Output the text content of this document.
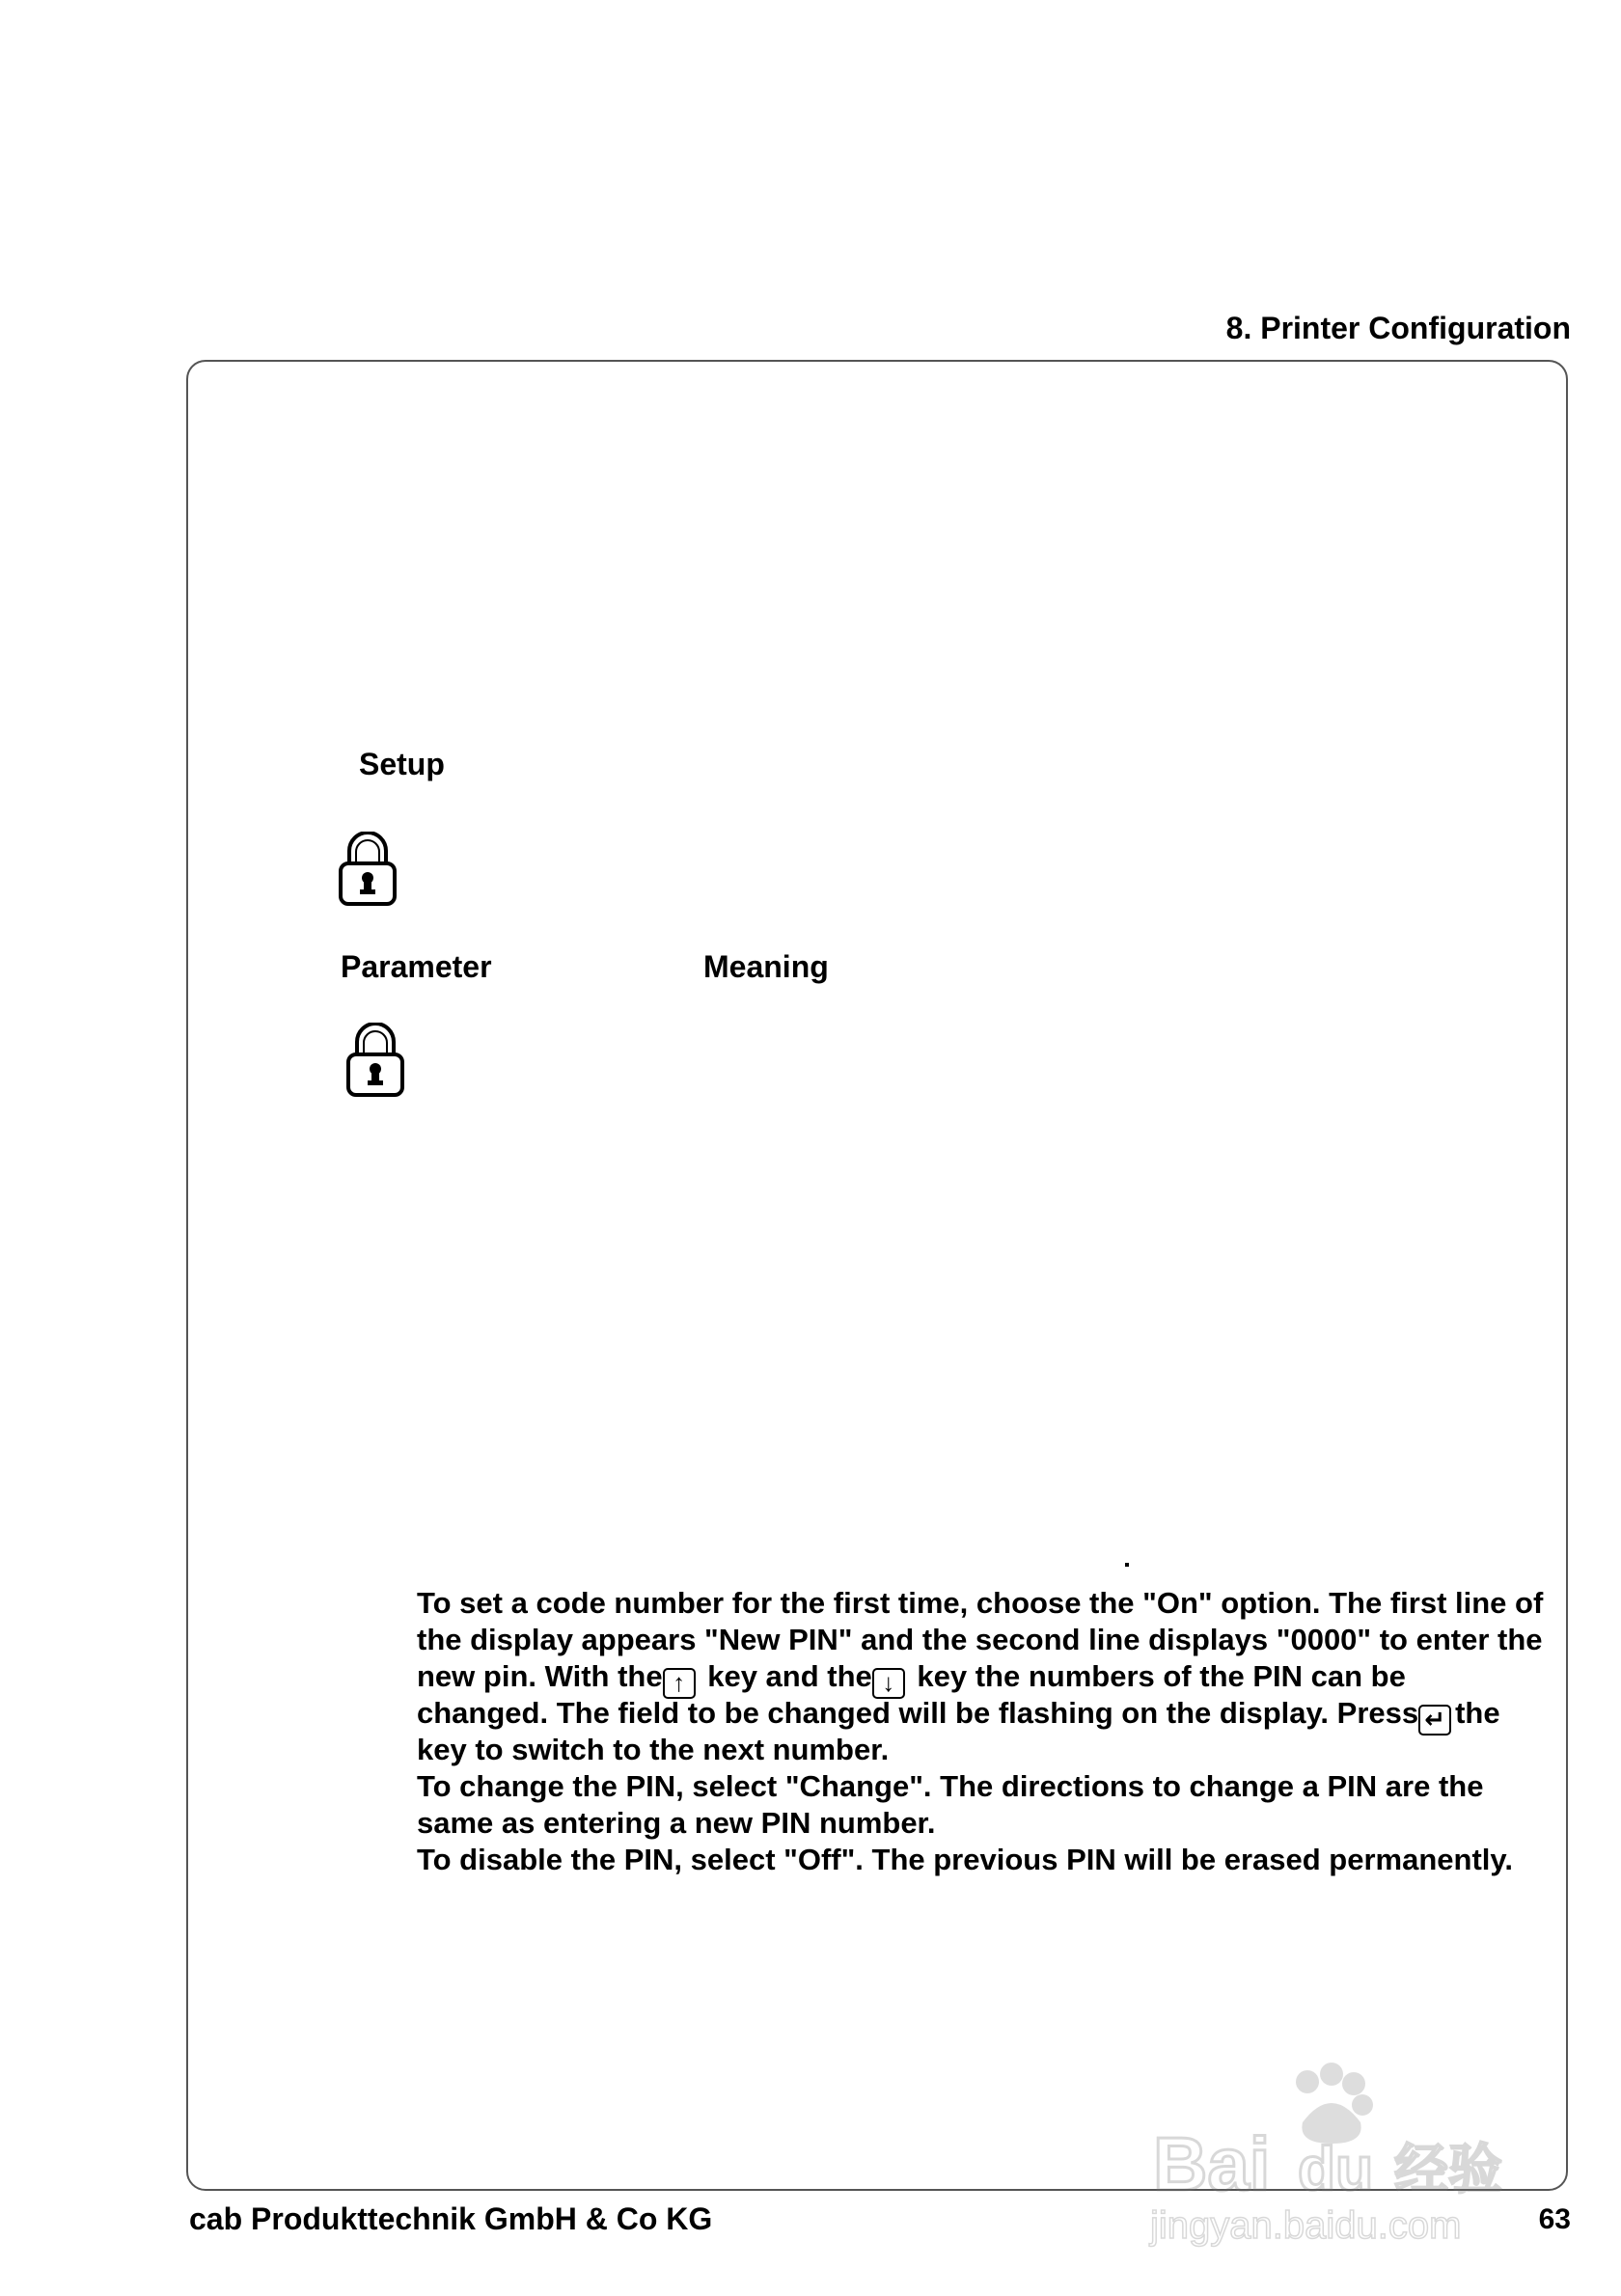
8. Printer Configuration
Setup
Parameter	Meaning
To set a code number for the first time, choose the "On" option. The first line of
the display appears "New PIN" and the second line displays "0000" to enter the
new pin. With the ↑ key and the ↓ key the numbers of the PIN can be
changed. The field to be changed will be flashing on the display. Press ↵ the
key to switch to the next number.
To change the PIN, select "Change". The directions to change a PIN are the
same as entering a new PIN number.
To disable the PIN, select "Off". The previous PIN will be erased permanently.
Bai du 经验
jingyan.baidu.com
cab Produkttechnik GmbH & Co KG	63
